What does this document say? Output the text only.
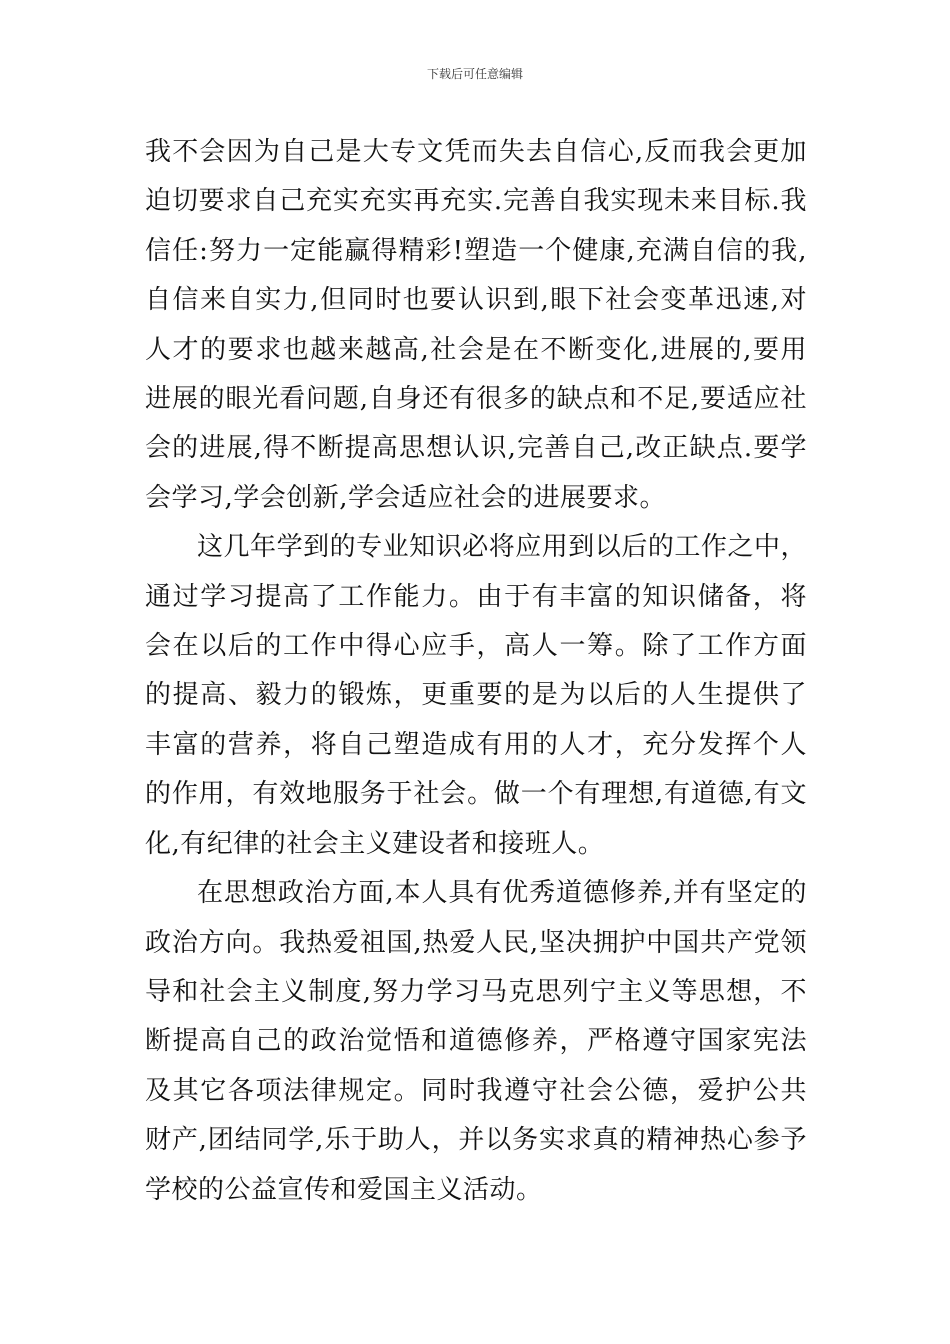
下载后可任意编辑

我不会因为自己是大专文凭而失去自信心,反而我会更加迫切要求自己充实充实再充实.完善自我实现未来目标.我信任:努力一定能赢得精彩!塑造一个健康,充满自信的我,自信来自实力,但同时也要认识到,眼下社会变革迅速,对人才的要求也越来越高,社会是在不断变化,进展的,要用进展的眼光看问题,自身还有很多的缺点和不足,要适应社会的进展,得不断提高思想认识,完善自己,改正缺点.要学会学习,学会创新,学会适应社会的进展要求。

这几年学到的专业知识必将应用到以后的工作之中，通过学习提高了工作能力。由于有丰富的知识储备，将会在以后的工作中得心应手，高人一筹。除了工作方面的提高、毅力的锻炼，更重要的是为以后的人生提供了丰富的营养，将自己塑造成有用的人才，充分发挥个人的作用，有效地服务于社会。做一个有理想,有道德,有文化,有纪律的社会主义建设者和接班人。

在思想政治方面,本人具有优秀道德修养,并有坚定的政治方向。我热爱祖国,热爱人民,坚决拥护中国共产党领导和社会主义制度,努力学习马克思列宁主义等思想，不断提高自己的政治觉悟和道德修养，严格遵守国家宪法及其它各项法律规定。同时我遵守社会公德，爱护公共财产,团结同学,乐于助人，并以务实求真的精神热心参予学校的公益宣传和爱国主义活动。
